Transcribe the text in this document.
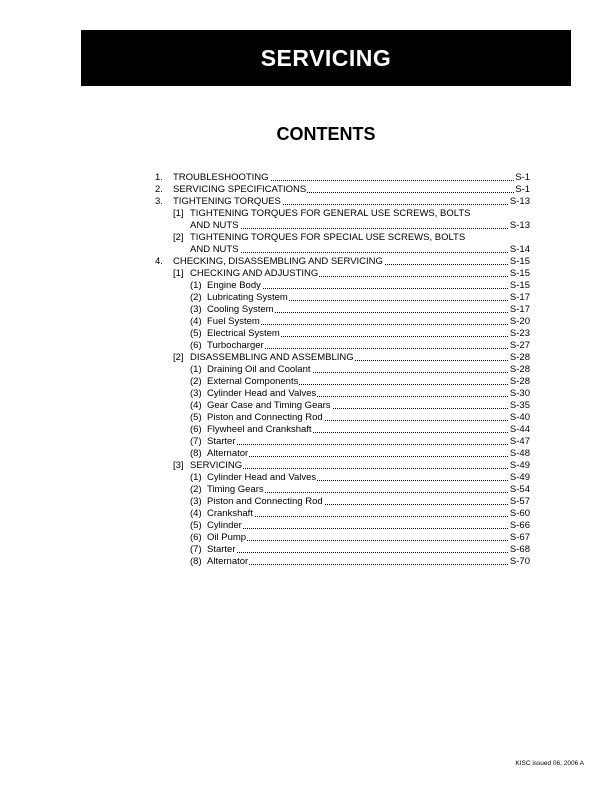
SERVICING
CONTENTS
1. TROUBLESHOOTING	S-1
2. SERVICING SPECIFICATIONS	S-1
3. TIGHTENING TORQUES	S-13
[1] TIGHTENING TORQUES FOR GENERAL USE SCREWS, BOLTS
AND NUTS	S-13
[2] TIGHTENING TORQUES FOR SPECIAL USE SCREWS, BOLTS
AND NUTS	S-14
4. CHECKING, DISASSEMBLING AND SERVICING	S-15
[1] CHECKING AND ADJUSTING	S-15
(1) Engine Body	S-15
(2) Lubricating System	S-17
(3) Cooling System	S-17
(4) Fuel System	S-20
(5) Electrical System	S-23
(6) Turbocharger	S-27
[2] DISASSEMBLING AND ASSEMBLING	S-28
(1) Draining Oil and Coolant	S-28
(2) External Components	S-28
(3) Cylinder Head and Valves	S-30
(4) Gear Case and Timing Gears	S-35
(5) Piston and Connecting Rod	S-40
(6) Flywheel and Crankshaft	S-44
(7) Starter	S-47
(8) Alternator	S-48
[3] SERVICING	S-49
(1) Cylinder Head and Valves	S-49
(2) Timing Gears	S-54
(3) Piston and Connecting Rod	S-57
(4) Crankshaft	S-60
(5) Cylinder	S-66
(6) Oil Pump	S-67
(7) Starter	S-68
(8) Alternator	S-70
KISC issued 06, 2006 A
